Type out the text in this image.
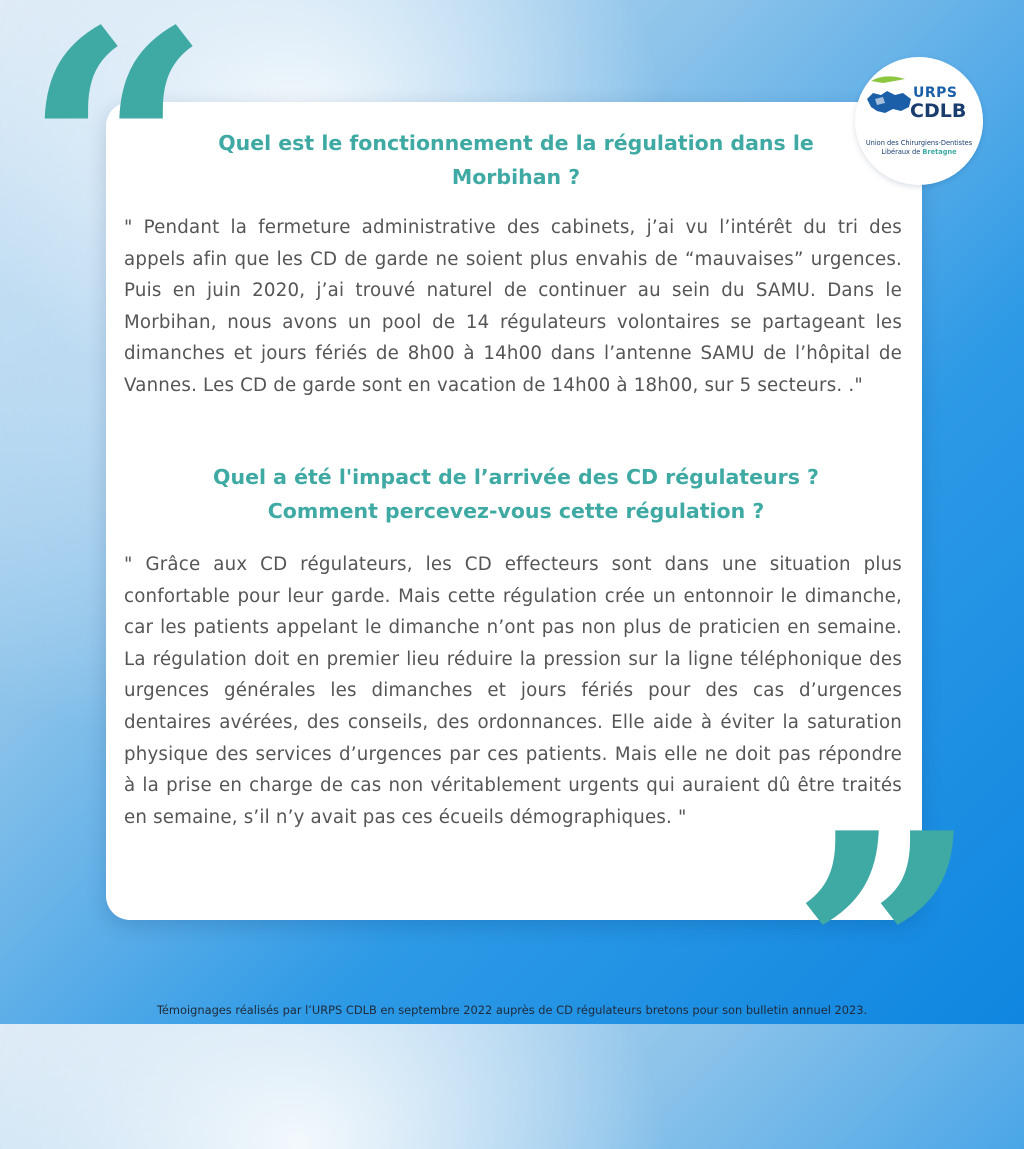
“ Quel est le fonctionnement de la régulation dans le Morbihan ?
" Pendant la fermeture administrative des cabinets, j’ai vu l’intérêt du tri des appels afin que les CD de garde ne soient plus envahis de “mauvaises” urgences. Puis en juin 2020, j’ai trouvé naturel de continuer au sein du SAMU. Dans le Morbihan, nous avons un pool de 14 régulateurs volontaires se partageant les dimanches et jours fériés de 8h00 à 14h00 dans l’antenne SAMU de l’hôpital de Vannes. Les CD de garde sont en vacation de 14h00 à 18h00, sur 5 secteurs. ."
Quel a été l'impact de l’arrivée des CD régulateurs ?
Comment percevez-vous cette régulation ?
" Grâce aux CD régulateurs, les CD effecteurs sont dans une situation plus confortable pour leur garde. Mais cette régulation crée un entonnoir le dimanche, car les patients appelant le dimanche n’ont pas non plus de praticien en semaine. La régulation doit en premier lieu réduire la pression sur la ligne téléphonique des urgences générales les dimanches et jours fériés pour des cas d’urgences dentaires avérées, des conseils, des ordonnances. Elle aide à éviter la saturation physique des services d’urgences par ces patients. Mais elle ne doit pas répondre à la prise en charge de cas non véritablement urgents qui auraient dû être traités en semaine, s’il n’y avait pas ces écueils démographiques. " ”
URPS
CDLB
Union des Chirurgiens-Dentistes
Libéraux de Bretagne
Témoignages réalisés par l’URPS CDLB en septembre 2022 auprès de CD régulateurs bretons pour son bulletin annuel 2023.
